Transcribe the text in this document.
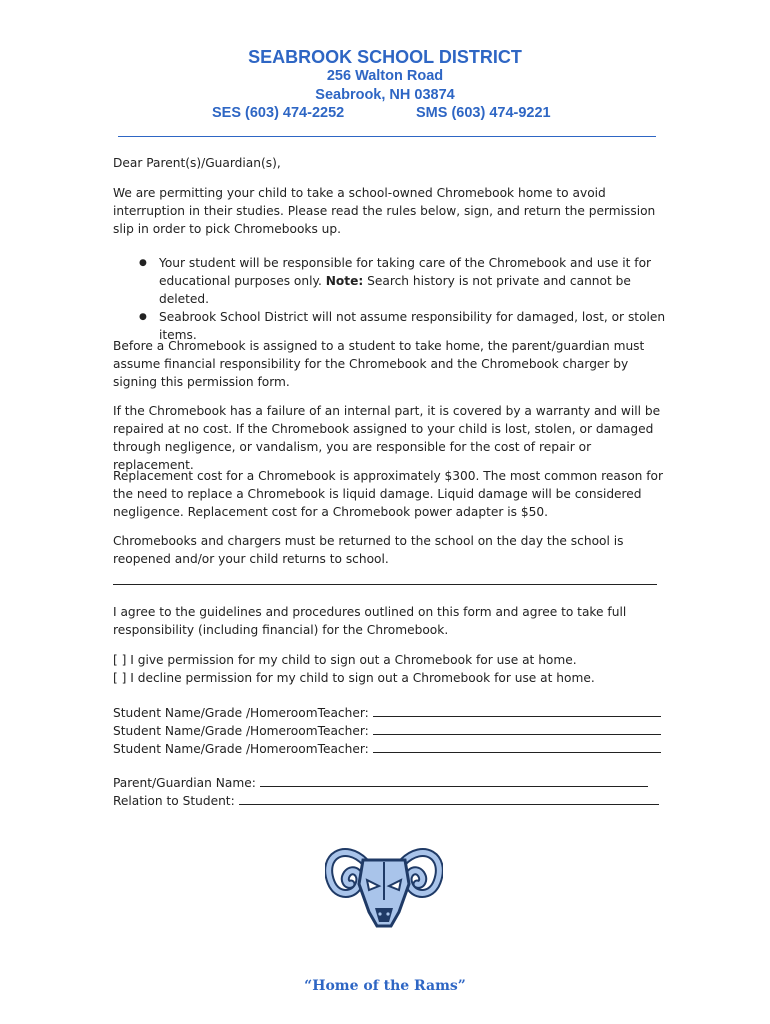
SEABROOK SCHOOL DISTRICT
256 Walton Road
Seabrook, NH 03874
SES (603) 474-2252	SMS (603) 474-9221
Dear Parent(s)/Guardian(s),
We are permitting your child to take a school-owned Chromebook home to avoid interruption in their studies. Please read the rules below, sign, and return the permission slip in order to pick Chromebooks up.
● Your student will be responsible for taking care of the Chromebook and use it for educational purposes only. Note: Search history is not private and cannot be deleted.
● Seabrook School District will not assume responsibility for damaged, lost, or stolen items.
Before a Chromebook is assigned to a student to take home, the parent/guardian must assume financial responsibility for the Chromebook and the Chromebook charger by signing this permission form.
If the Chromebook has a failure of an internal part, it is covered by a warranty and will be repaired at no cost. If the Chromebook assigned to your child is lost, stolen, or damaged through negligence, or vandalism, you are responsible for the cost of repair or replacement.
Replacement cost for a Chromebook is approximately $300. The most common reason for the need to replace a Chromebook is liquid damage. Liquid damage will be considered negligence. Replacement cost for a Chromebook power adapter is $50.
Chromebooks and chargers must be returned to the school on the day the school is reopened and/or your child returns to school.
I agree to the guidelines and procedures outlined on this form and agree to take full responsibility (including financial) for the Chromebook.
[ ] I give permission for my child to sign out a Chromebook for use at home.
[ ] I decline permission for my child to sign out a Chromebook for use at home.
Student Name/Grade /HomeroomTeacher:
Student Name/Grade /HomeroomTeacher:
Student Name/Grade /HomeroomTeacher:
Parent/Guardian Name:
Relation to Student:
“Home of the Rams”
